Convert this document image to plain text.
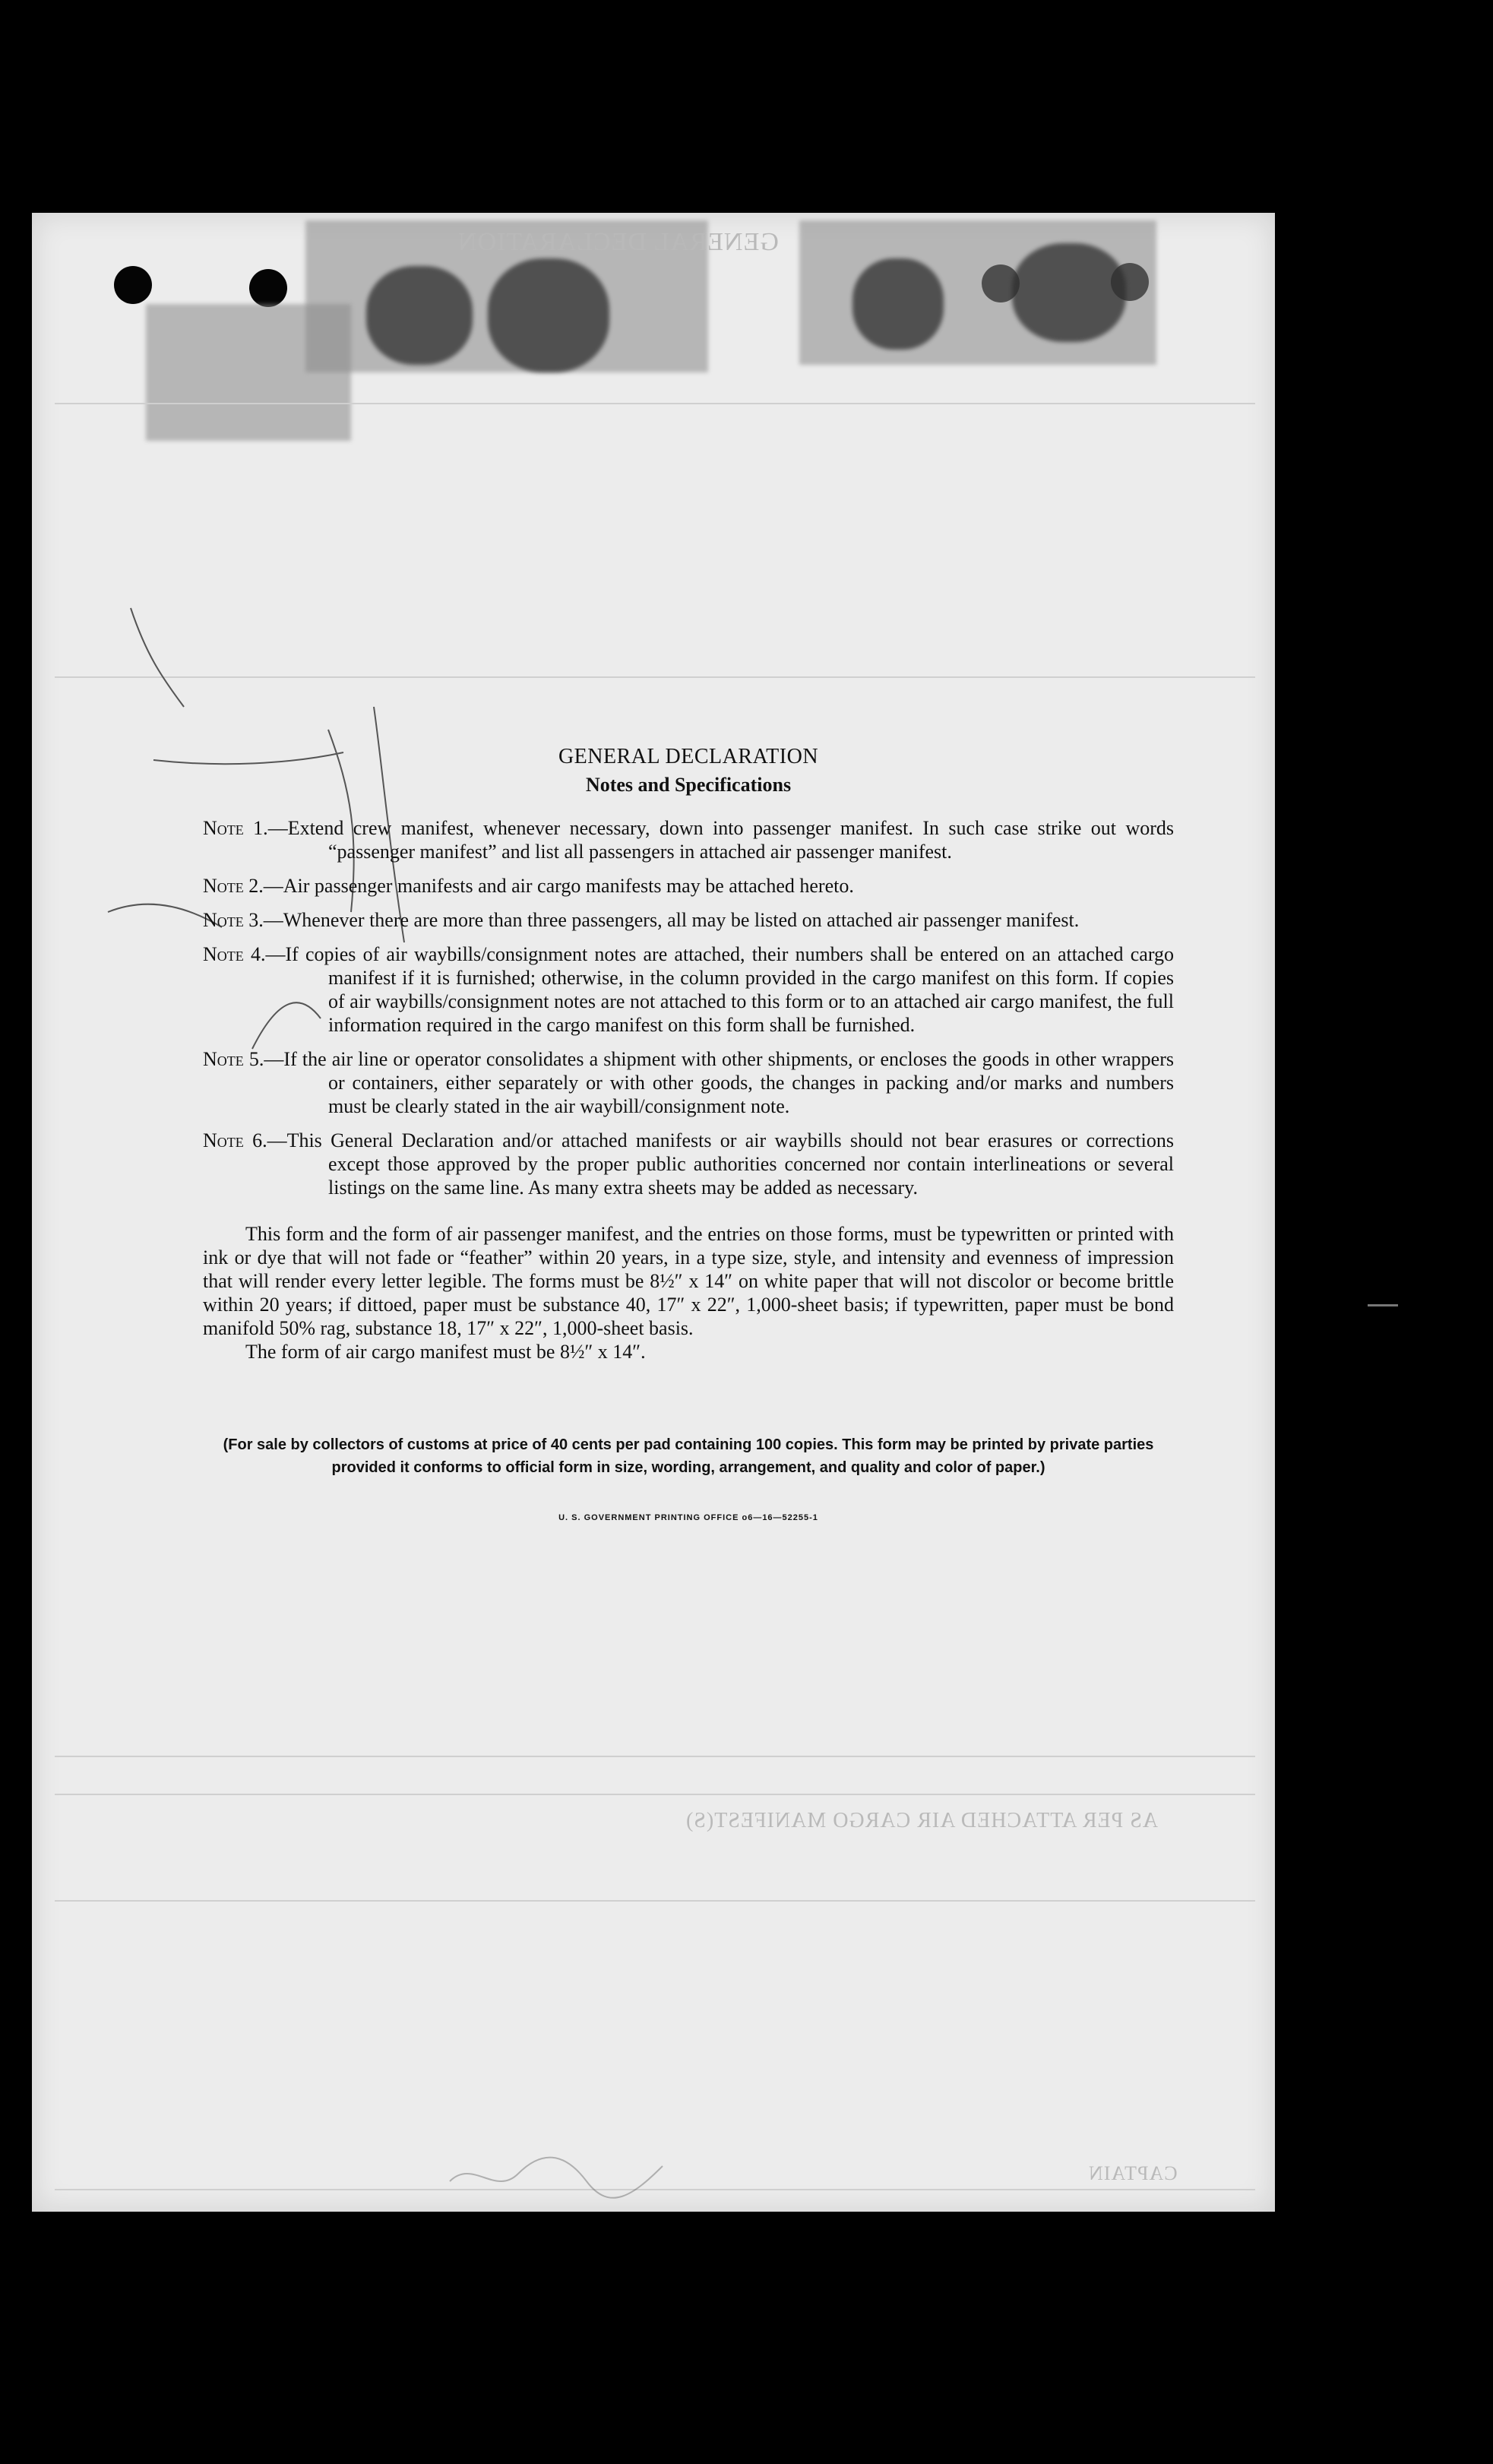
GENERAL DECLARATION
AS PER ATTACHED AIR CARGO MANIFEST(S)
CAPTAIN
GENERAL DECLARATION
Notes and Specifications
Note 1.—Extend crew manifest, whenever necessary, down into passenger manifest. In such case strike out words “passenger manifest” and list all passengers in attached air passenger manifest.
Note 2.—Air passenger manifests and air cargo manifests may be attached hereto.
Note 3.—Whenever there are more than three passengers, all may be listed on attached air passenger manifest.
Note 4.—If copies of air waybills/consignment notes are attached, their numbers shall be entered on an attached cargo manifest if it is furnished; otherwise, in the column provided in the cargo manifest on this form. If copies of air waybills/consignment notes are not attached to this form or to an attached air cargo manifest, the full information required in the cargo manifest on this form shall be furnished.
Note 5.—If the air line or operator consolidates a shipment with other shipments, or encloses the goods in other wrappers or containers, either separately or with other goods, the changes in packing and/or marks and numbers must be clearly stated in the air waybill/consignment note.
Note 6.—This General Declaration and/or attached manifests or air waybills should not bear erasures or corrections except those approved by the proper public authorities concerned nor contain interlineations or several listings on the same line. As many extra sheets may be added as necessary.
This form and the form of air passenger manifest, and the entries on those forms, must be typewritten or printed with ink or dye that will not fade or “feather” within 20 years, in a type size, style, and intensity and evenness of impression that will render every letter legible. The forms must be 8½″ x 14″ on white paper that will not discolor or become brittle within 20 years; if dittoed, paper must be substance 40, 17″ x 22″, 1,000-sheet basis; if typewritten, paper must be bond manifold 50% rag, substance 18, 17″ x 22″, 1,000-sheet basis.
The form of air cargo manifest must be 8½″ x 14″.
(For sale by collectors of customs at price of 40 cents per pad containing 100 copies. This form may be printed by private parties provided it conforms to official form in size, wording, arrangement, and quality and color of paper.)
U. S. GOVERNMENT PRINTING OFFICE o6—16—52255-1
